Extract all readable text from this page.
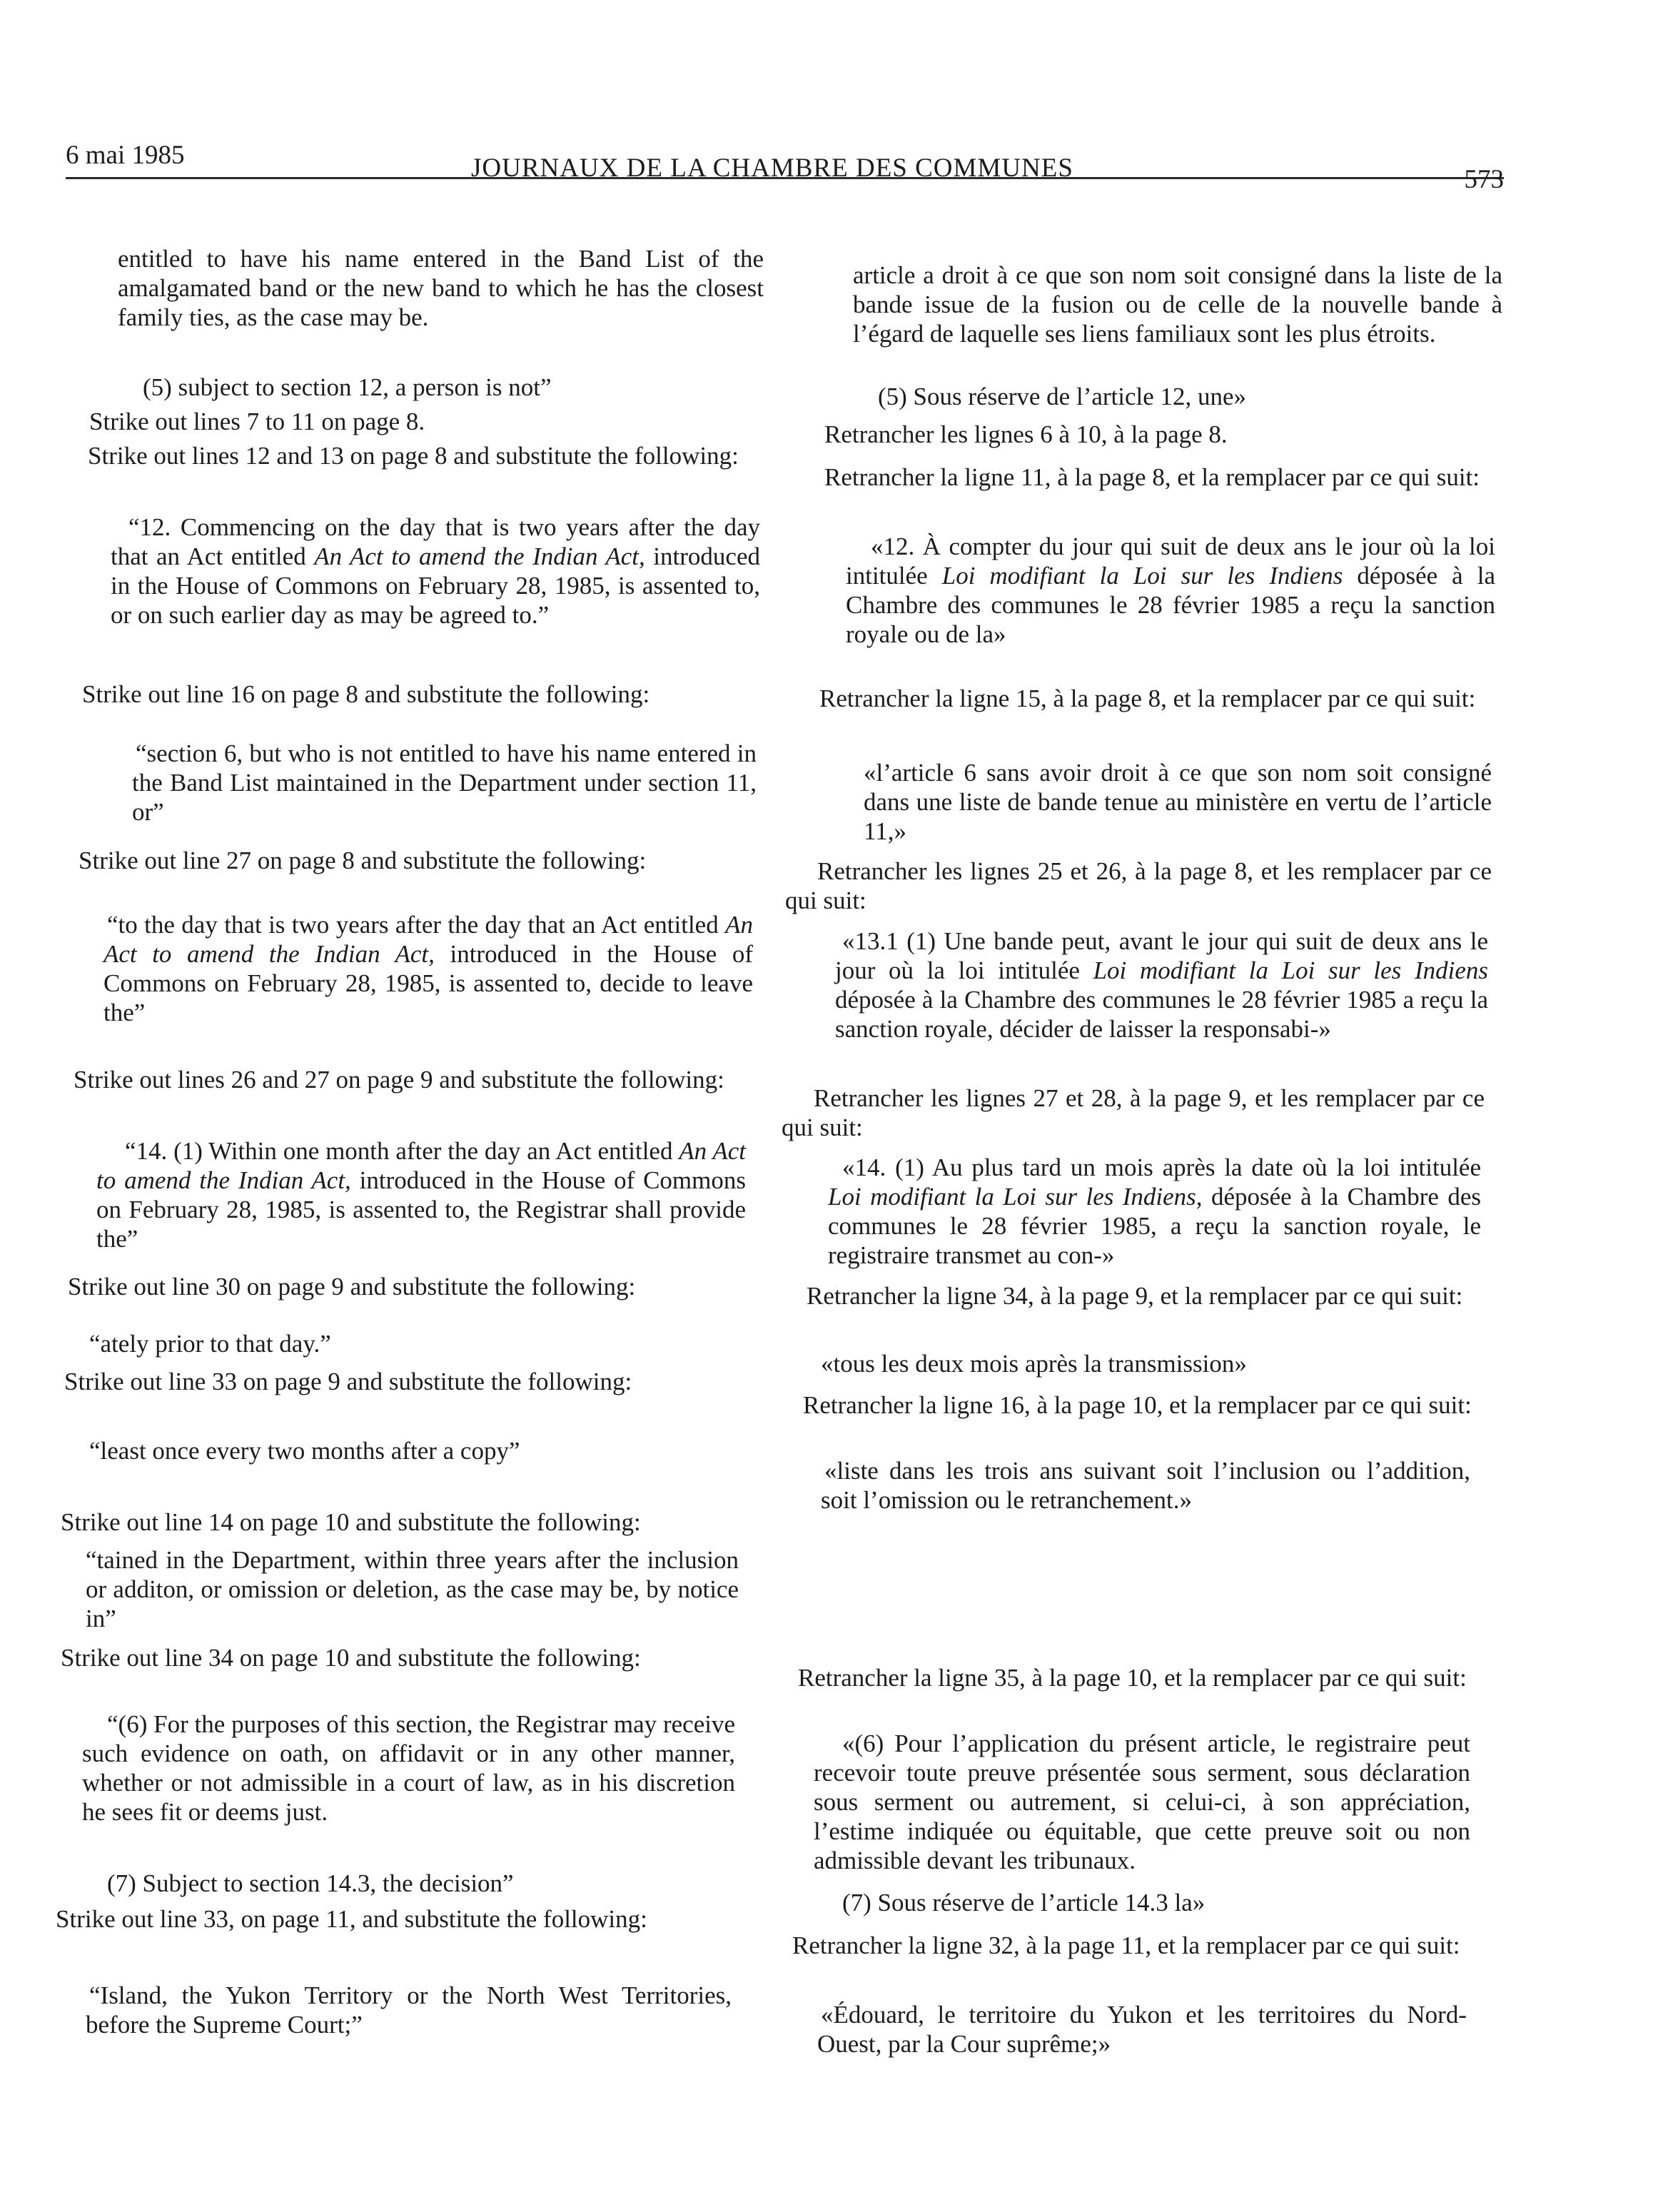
6 mai 1985	JOURNAUX DE LA CHAMBRE DES COMMUNES	573

entitled to have his name entered in the Band List of the amalgamated band or the new band to which he has the closest family ties, as the case may be.

(5) subject to section 12, a person is not”

Strike out lines 7 to 11 on page 8.

Strike out lines 12 and 13 on page 8 and substitute the following:

“12. Commencing on the day that is two years after the day that an Act entitled An Act to amend the Indian Act, introduced in the House of Commons on February 28, 1985, is assented to, or on such earlier day as may be agreed to.”

Strike out line 16 on page 8 and substitute the following:

“section 6, but who is not entitled to have his name entered in the Band List maintained in the Department under section 11, or”

Strike out line 27 on page 8 and substitute the following:

“to the day that is two years after the day that an Act entitled An Act to amend the Indian Act, introduced in the House of Commons on February 28, 1985, is assented to, decide to leave the”

Strike out lines 26 and 27 on page 9 and substitute the following:

“14. (1) Within one month after the day an Act entitled An Act to amend the Indian Act, introduced in the House of Commons on February 28, 1985, is assented to, the Registrar shall provide the”

Strike out line 30 on page 9 and substitute the following:

“ately prior to that day.”

Strike out line 33 on page 9 and substitute the following:

“least once every two months after a copy”

Strike out line 14 on page 10 and substitute the following:

“tained in the Department, within three years after the inclusion or additon, or omission or deletion, as the case may be, by notice in”

Strike out line 34 on page 10 and substitute the following:

“(6) For the purposes of this section, the Registrar may receive such evidence on oath, on affidavit or in any other manner, whether or not admissible in a court of law, as in his discretion he sees fit or deems just.

(7) Subject to section 14.3, the decision”

Strike out line 33, on page 11, and substitute the following:

“Island, the Yukon Territory or the North West Territories, before the Supreme Court;”

article a droit à ce que son nom soit consigné dans la liste de la bande issue de la fusion ou de celle de la nouvelle bande à l’égard de laquelle ses liens familiaux sont les plus étroits.

(5) Sous réserve de l’article 12, une»

Retrancher les lignes 6 à 10, à la page 8.

Retrancher la ligne 11, à la page 8, et la remplacer par ce qui suit:

«12. À compter du jour qui suit de deux ans le jour où la loi intitulée Loi modifiant la Loi sur les Indiens déposée à la Chambre des communes le 28 février 1985 a reçu la sanction royale ou de la»

Retrancher la ligne 15, à la page 8, et la remplacer par ce qui suit:

«l’article 6 sans avoir droit à ce que son nom soit consigné dans une liste de bande tenue au ministère en vertu de l’article 11,»

Retrancher les lignes 25 et 26, à la page 8, et les remplacer par ce qui suit:

«13.1 (1) Une bande peut, avant le jour qui suit de deux ans le jour où la loi intitulée Loi modifiant la Loi sur les Indiens déposée à la Chambre des communes le 28 février 1985 a reçu la sanction royale, décider de laisser la responsabi-»

Retrancher les lignes 27 et 28, à la page 9, et les remplacer par ce qui suit:

«14. (1) Au plus tard un mois après la date où la loi intitulée Loi modifiant la Loi sur les Indiens, déposée à la Chambre des communes le 28 février 1985, a reçu la sanction royale, le registraire transmet au con-»

Retrancher la ligne 34, à la page 9, et la remplacer par ce qui suit:

«tous les deux mois après la transmission»

Retrancher la ligne 16, à la page 10, et la remplacer par ce qui suit:

«liste dans les trois ans suivant soit l’inclusion ou l’addition, soit l’omission ou le retranchement.»

Retrancher la ligne 35, à la page 10, et la remplacer par ce qui suit:

«(6) Pour l’application du présent article, le registraire peut recevoir toute preuve présentée sous serment, sous déclaration sous serment ou autrement, si celui-ci, à son appréciation, l’estime indiquée ou équitable, que cette preuve soit ou non admissible devant les tribunaux.

(7) Sous réserve de l’article 14.3 la»

Retrancher la ligne 32, à la page 11, et la remplacer par ce qui suit:

«Édouard, le territoire du Yukon et les territoires du Nord-Ouest, par la Cour suprême;»
